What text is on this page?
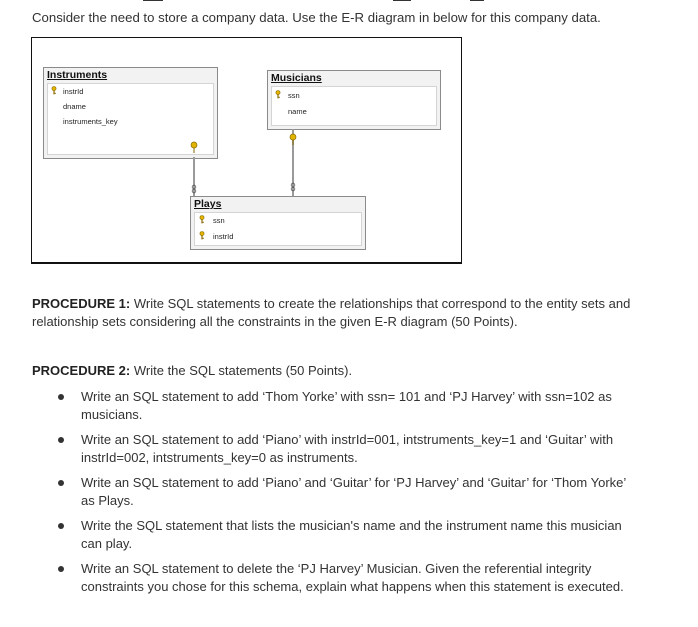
Consider the need to store a company data. Use the E-R diagram in below for this company data.
Instruments
instrId
dname
instruments_key
Musicians
ssn
name
Plays
ssn
instrId
PROCEDURE 1: Write SQL statements to create the relationships that correspond to the entity sets and relationship sets considering all the constraints in the given E-R diagram (50 Points).
PROCEDURE 2: Write the SQL statements (50 Points).
Write an SQL statement to add ‘Thom Yorke’ with ssn= 101 and ‘PJ Harvey’ with ssn=102 as musicians.
Write an SQL statement to add ‘Piano’ with instrId=001, intstruments_key=1 and ‘Guitar’ with instrId=002, intstruments_key=0 as instruments.
Write an SQL statement to add ‘Piano’ and ‘Guitar’ for ‘PJ Harvey’ and ‘Guitar’ for ‘Thom Yorke’ as Plays.
Write the SQL statement that lists the musician's name and the instrument name this musician can play.
Write an SQL statement to delete the ‘PJ Harvey’ Musician. Given the referential integrity constraints you chose for this schema, explain what happens when this statement is executed.
